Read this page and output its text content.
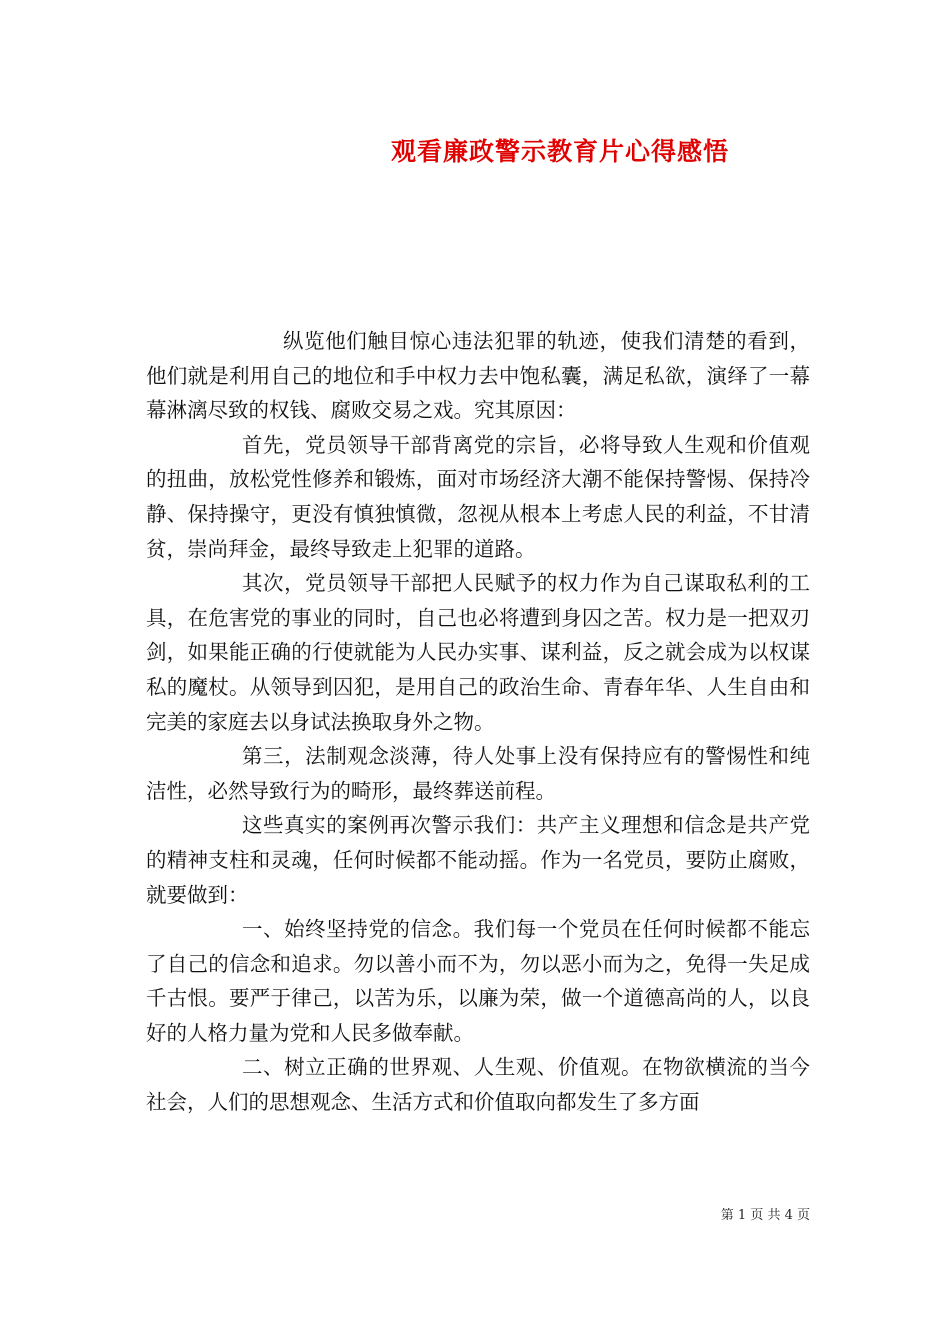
观看廉政警示教育片心得感悟

纵览他们触目惊心违法犯罪的轨迹，使我们清楚的看到，他们就是利用自己的地位和手中权力去中饱私囊，满足私欲，演绎了一幕幕淋漓尽致的权钱、腐败交易之戏。究其原因：

首先，党员领导干部背离党的宗旨，必将导致人生观和价值观的扭曲，放松党性修养和锻炼，面对市场经济大潮不能保持警惕、保持冷静、保持操守，更没有慎独慎微，忽视从根本上考虑人民的利益，不甘清贫，崇尚拜金，最终导致走上犯罪的道路。

其次，党员领导干部把人民赋予的权力作为自己谋取私利的工具，在危害党的事业的同时，自己也必将遭到身囚之苦。权力是一把双刃剑，如果能正确的行使就能为人民办实事、谋利益，反之就会成为以权谋私的魔杖。从领导到囚犯，是用自己的政治生命、青春年华、人生自由和完美的家庭去以身试法换取身外之物。

第三，法制观念淡薄，待人处事上没有保持应有的警惕性和纯洁性，必然导致行为的畸形，最终葬送前程。

这些真实的案例再次警示我们：共产主义理想和信念是共产党的精神支柱和灵魂，任何时候都不能动摇。作为一名党员，要防止腐败，就要做到：

一、始终坚持党的信念。我们每一个党员在任何时候都不能忘了自己的信念和追求。勿以善小而不为，勿以恶小而为之，免得一失足成千古恨。要严于律己，以苦为乐，以廉为荣，做一个道德高尚的人，以良好的人格力量为党和人民多做奉献。

二、树立正确的世界观、人生观、价值观。在物欲横流的当今社会，人们的思想观念、生活方式和价值取向都发生了多方面

第 1 页 共 4 页
